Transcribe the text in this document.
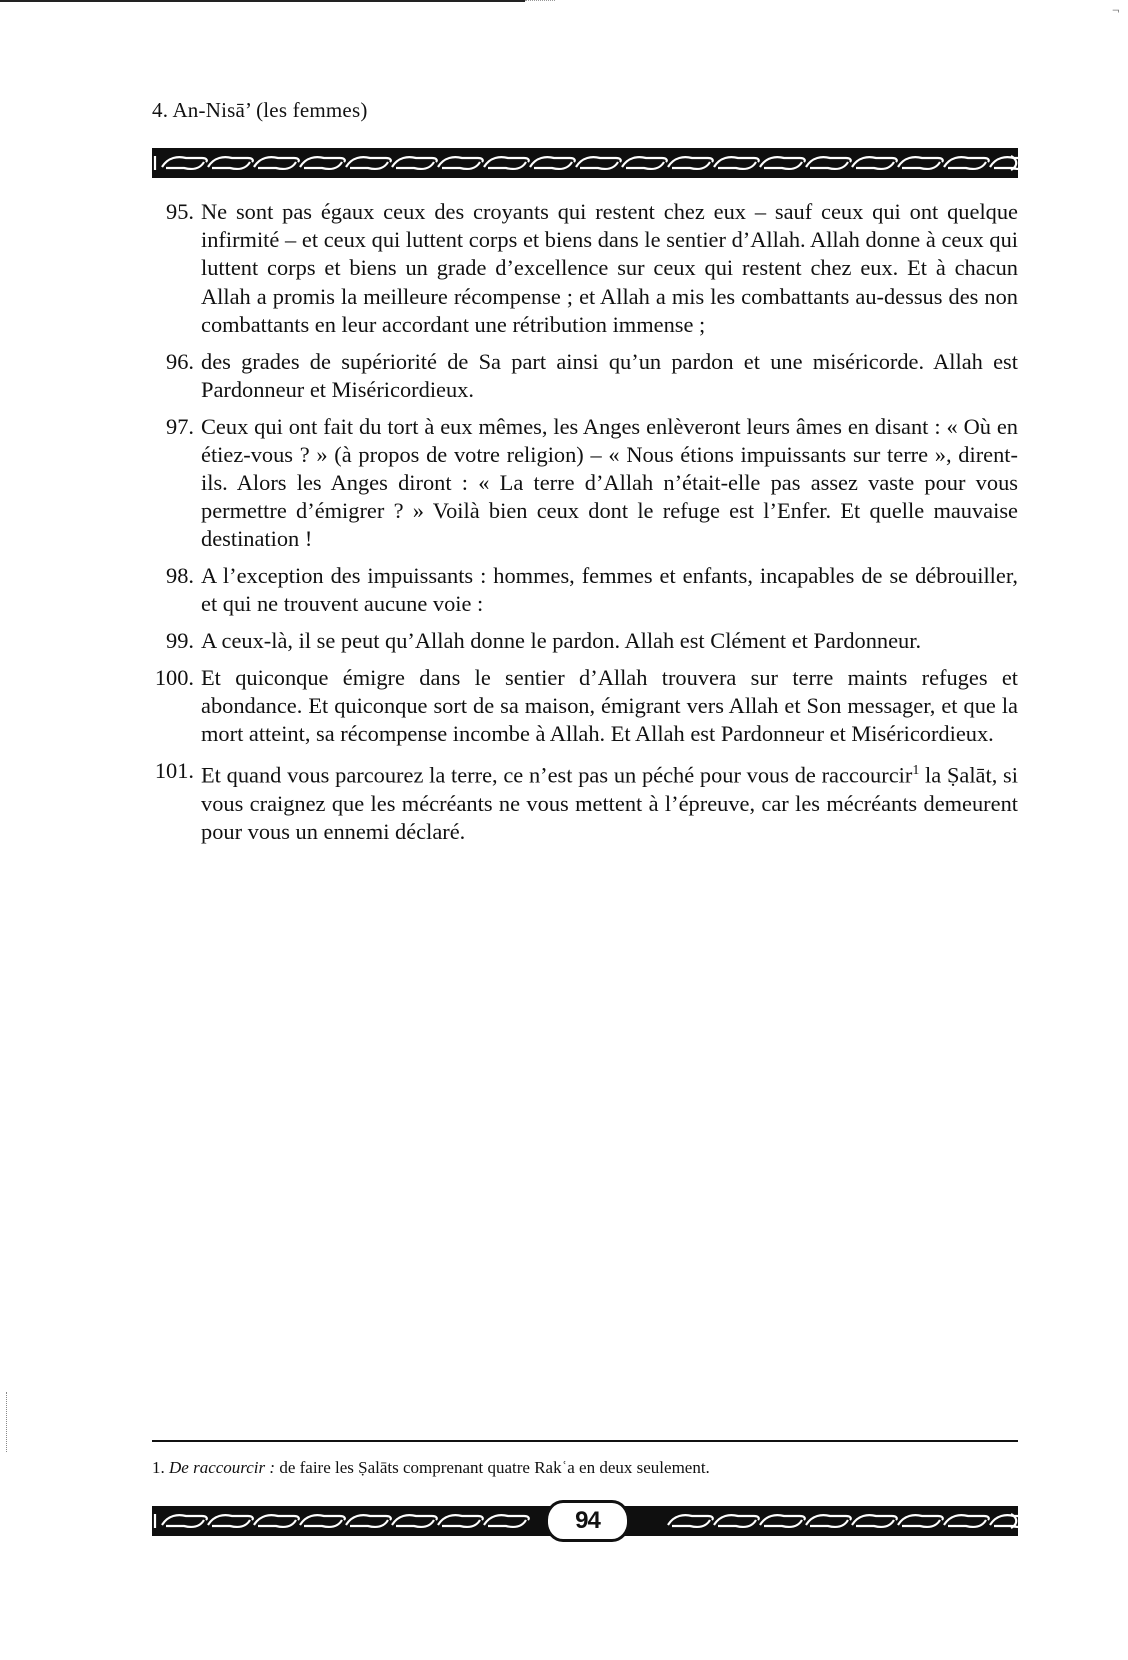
¬
4. An-Nisā’ (les femmes)
95. Ne sont pas égaux ceux des croyants qui restent chez eux – sauf ceux qui ont quelque infirmité – et ceux qui luttent corps et biens dans le sentier d’Allah. Allah donne à ceux qui luttent corps et biens un grade d’excellence sur ceux qui restent chez eux. Et à chacun Allah a promis la meilleure récompense ; et Allah a mis les combattants au-dessus des non combattants en leur accordant une rétribution immense ;
96. des grades de supériorité de Sa part ainsi qu’un pardon et une miséricorde. Allah est Pardonneur et Miséricordieux.
97. Ceux qui ont fait du tort à eux mêmes, les Anges enlèveront leurs âmes en disant : « Où en étiez-vous ? » (à propos de votre religion) – « Nous étions impuissants sur terre », dirent-ils. Alors les Anges diront : « La terre d’Allah n’était-elle pas assez vaste pour vous permettre d’émigrer ? » Voilà bien ceux dont le refuge est l’Enfer. Et quelle mauvaise destination !
98. A l’exception des impuissants : hommes, femmes et enfants, incapables de se débrouiller, et qui ne trouvent aucune voie :
99. A ceux-là, il se peut qu’Allah donne le pardon. Allah est Clément et Pardonneur.
100. Et quiconque émigre dans le sentier d’Allah trouvera sur terre maints refuges et abondance. Et quiconque sort de sa maison, émigrant vers Allah et Son messager, et que la mort atteint, sa récompense incombe à Allah. Et Allah est Pardonneur et Miséricordieux.
101. Et quand vous parcourez la terre, ce n’est pas un péché pour vous de raccourcir$^1$ la Ṣalāt, si vous craignez que les mécréants ne vous mettent à l’épreuve, car les mécréants demeurent pour vous un ennemi déclaré.
1. De raccourcir : de faire les Ṣalāts comprenant quatre Rakʿa en deux seulement.
94
